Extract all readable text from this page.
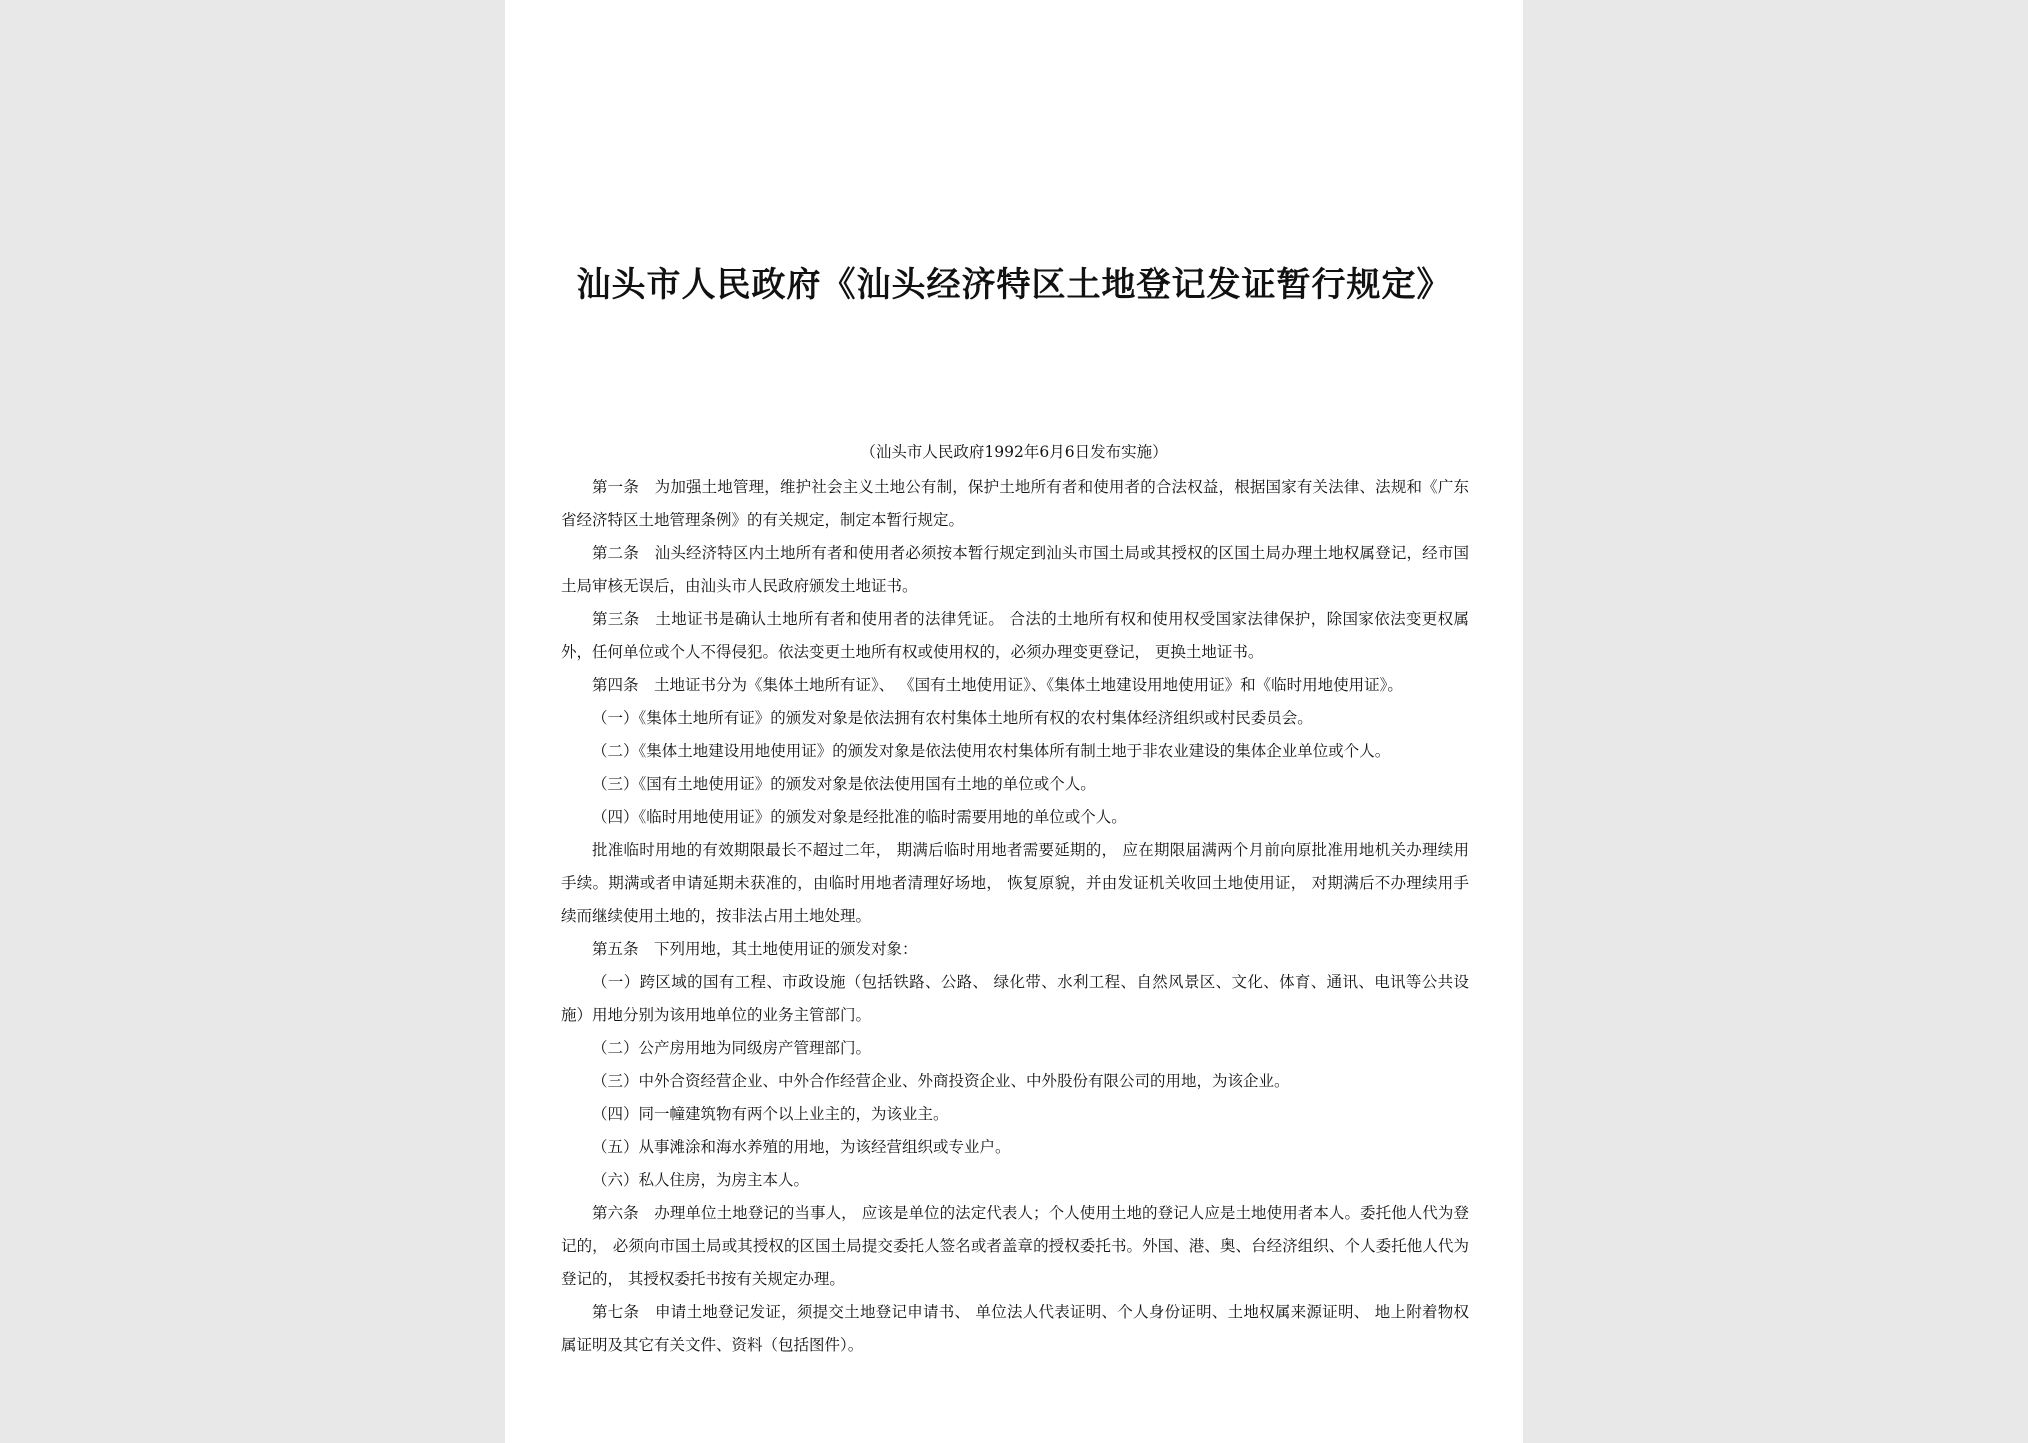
汕头市人民政府《汕头经济特区土地登记发证暂行规定》
（汕头市人民政府1992年6月6日发布实施）

第一条　为加强土地管理，维护社会主义土地公有制，保护土地所有者和使用者的合法权益，根据国家有关法律、法规和《广东省经济特区土地管理条例》的有关规定，制定本暂行规定。

第二条　汕头经济特区内土地所有者和使用者必须按本暂行规定到汕头市国土局或其授权的区国土局办理土地权属登记，经市国土局审核无误后，由汕头市人民政府颁发土地证书。

第三条　土地证书是确认土地所有者和使用者的法律凭证。 合法的土地所有权和使用权受国家法律保护，除国家依法变更权属外，任何单位或个人不得侵犯。依法变更土地所有权或使用权的，必须办理变更登记， 更换土地证书。

第四条　土地证书分为《集体土地所有证》、 《国有土地使用证》、《集体土地建设用地使用证》和《临时用地使用证》。

（一）《集体土地所有证》的颁发对象是依法拥有农村集体土地所有权的农村集体经济组织或村民委员会。

（二）《集体土地建设用地使用证》的颁发对象是依法使用农村集体所有制土地于非农业建设的集体企业单位或个人。

（三）《国有土地使用证》的颁发对象是依法使用国有土地的单位或个人。

（四）《临时用地使用证》的颁发对象是经批准的临时需要用地的单位或个人。

批准临时用地的有效期限最长不超过二年， 期满后临时用地者需要延期的， 应在期限届满两个月前向原批准用地机关办理续用手续。期满或者申请延期未获准的，由临时用地者清理好场地， 恢复原貌，并由发证机关收回土地使用证， 对期满后不办理续用手续而继续使用土地的，按非法占用土地处理。

第五条　下列用地，其土地使用证的颁发对象：

（一）跨区域的国有工程、市政设施（包括铁路、公路、 绿化带、水利工程、自然风景区、文化、体育、通讯、电讯等公共设施）用地分别为该用地单位的业务主管部门。

（二）公产房用地为同级房产管理部门。

（三）中外合资经营企业、中外合作经营企业、外商投资企业、中外股份有限公司的用地，为该企业。

（四）同一幢建筑物有两个以上业主的，为该业主。

（五）从事滩涂和海水养殖的用地，为该经营组织或专业户。

（六）私人住房，为房主本人。

第六条　办理单位土地登记的当事人， 应该是单位的法定代表人；个人使用土地的登记人应是土地使用者本人。委托他人代为登记的， 必须向市国土局或其授权的区国土局提交委托人签名或者盖章的授权委托书。外国、港、奥、台经济组织、个人委托他人代为登记的， 其授权委托书按有关规定办理。

第七条　申请土地登记发证，须提交土地登记申请书、 单位法人代表证明、个人身份证明、土地权属来源证明、 地上附着物权属证明及其它有关文件、资料（包括图件）。
